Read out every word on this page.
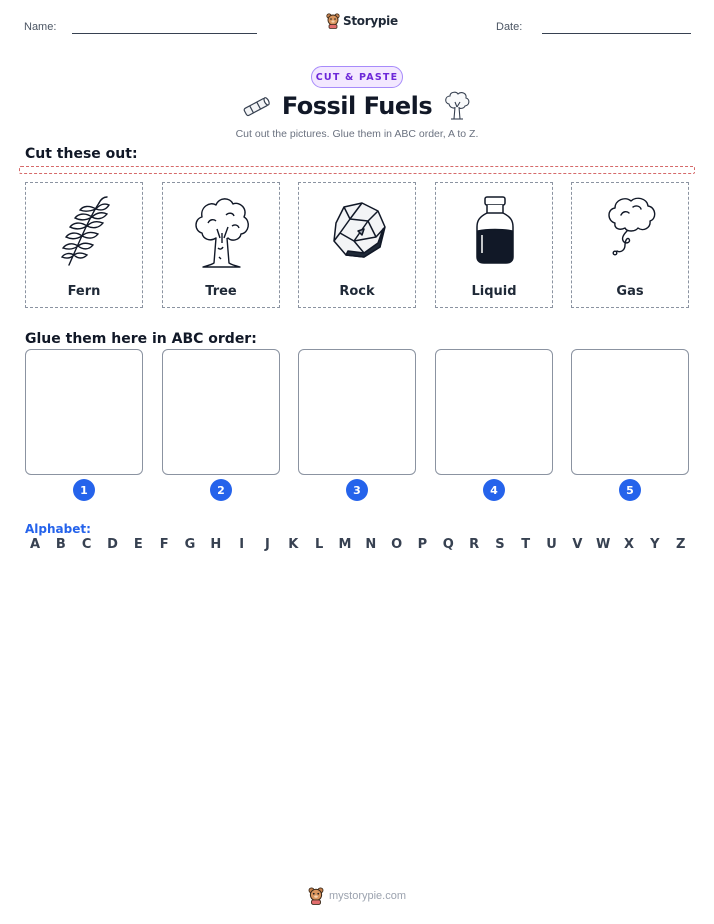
Name:	Storypie	Date:
CUT & PASTE
Fossil Fuels
Cut out the pictures. Glue them in ABC order, A to Z.
Cut these out:
Fern	Tree	Rock	Liquid	Gas
Glue them here in ABC order:
1	2	3	4	5
Alphabet:
A	B	C	D	E	F	G	H	I	J	K	L	M	N	O	P	Q	R	S	T	U	V	W	X	Y	Z
mystorypie.com
